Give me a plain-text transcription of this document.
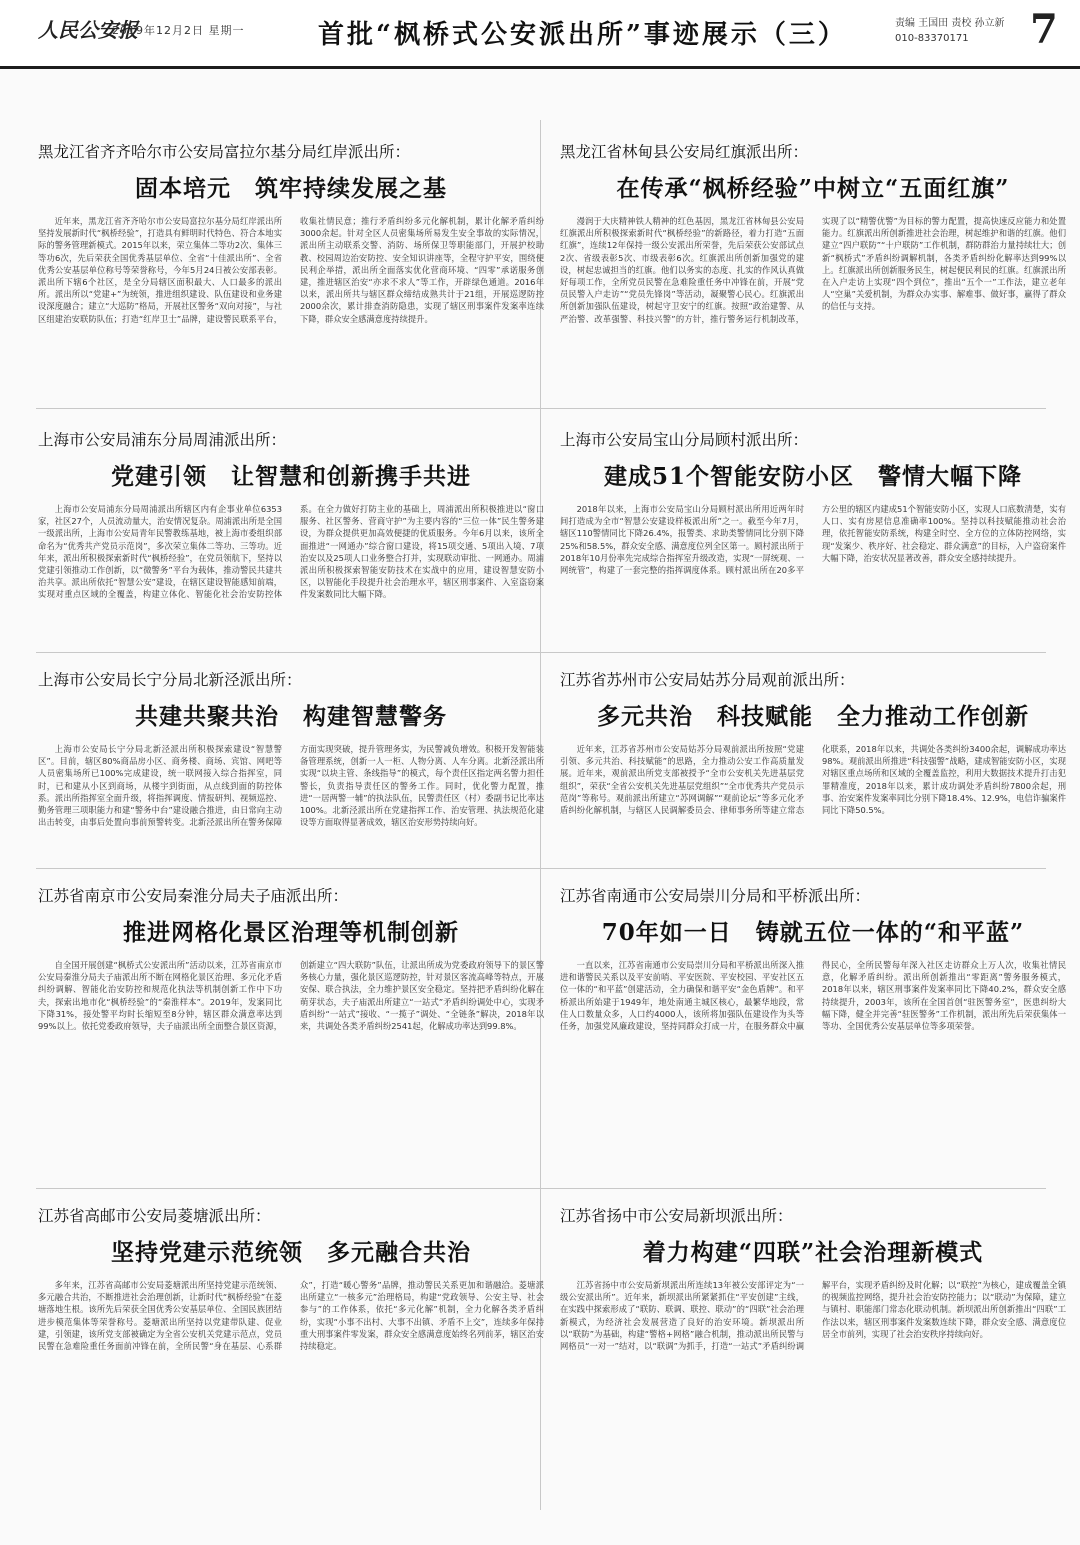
人民公安报
2019年12月2日 星期一	首批“枫桥式公安派出所”事迹展示（三）	责编 王国田 责校 孙立新
010-83370171	7
黑龙江省齐齐哈尔市公安局富拉尔基分局红岸派出所：
固本培元　筑牢持续发展之基
近年来，黑龙江省齐齐哈尔市公安局富拉尔基分局红岸派出所坚持发展新时代“枫桥经验”，打造具有鲜明时代特色、符合本地实际的警务管理新模式。2015年以来，荣立集体二等功2次、集体三等功6次，先后荣获全国优秀基层单位、全省“十佳派出所”、全省优秀公安基层单位称号等荣誉称号，今年5月24日被公安部表彰。派出所下辖6个社区，是全分局辖区面积最大、人口最多的派出所。派出所以“党建+”为统领，推进组织建设、队伍建设和业务建设深度融合；建立“大巡防”格局，开展社区警务“双向对接”，与社区组建治安联防队伍；打造“红岸卫士”品牌，建设警民联系平台，收集社情民意；推行矛盾纠纷多元化解机制，累计化解矛盾纠纷3000余起。针对全区人员密集场所易发生安全事故的实际情况，派出所主动联系交警、消防、场所保卫等职能部门，开展护校助教、校园周边治安防控、安全知识讲座等，全程守护平安，围绕便民利企举措，派出所全面落实优化营商环境、“四零”承诺服务创建，推进辖区治安“亦求不求人”等工作，开辟绿色通道。2016年以来，派出所共与辖区群众缔结成熟共计于21组，开展巡逻防控2000余次，累计排查消防隐患，实现了辖区刑事案件发案率连续下降，群众安全感满意度持续提升。
黑龙江省林甸县公安局红旗派出所：
在传承“枫桥经验”中树立“五面红旗”
漫润于大庆精神铁人精神的红色基因，黑龙江省林甸县公安局红旗派出所积极探索新时代“枫桥经验”的新路径，着力打造“五面红旗”，连续12年保持一级公安派出所荣誉，先后荣获公安部试点2次、省级表彰5次、市级表彰6次。红旗派出所创新加强党的建设，树起忠诚担当的红旗。他们以务实的态度、扎实的作风认真做好每项工作，全所党员民警在急难险重任务中冲锋在前，开展“党员民警入户走访”“党员先锋岗”等活动，凝聚警心民心。红旗派出所创新加强队伍建设，树起守卫安宁的红旗。按照“政治建警、从严治警、改革强警、科技兴警”的方针，推行警务运行机制改革，实现了以“精警优警”为目标的警力配置，提高快速反应能力和处置能力。红旗派出所创新推进社会治理，树起维护和谐的红旗。他们建立“四户联防”“十户联防”工作机制，群防群治力量持续壮大；创新“枫桥式”矛盾纠纷调解机制，各类矛盾纠纷化解率达到99%以上。红旗派出所创新服务民生，树起便民利民的红旗。红旗派出所在入户走访上实现“四个到位”，推出“五个一”工作法，建立老年人“空巢”关爱机制，为群众办实事、解难事、做好事，赢得了群众的信任与支持。
上海市公安局浦东分局周浦派出所：
党建引领　让智慧和创新携手共进
上海市公安局浦东分局周浦派出所辖区内有企事业单位6353家，社区27个，人员流动量大，治安情况复杂。周浦派出所是全国一级派出所，上海市公安局青年民警教练基地，被上海市委组织部命名为“优秀共产党员示范岗”，多次荣立集体二等功、三等功。近年来，派出所积极探索新时代“枫桥经验”，在党员领航下，坚持以党建引领推动工作创新，以“微警务”平台为载体，推动警民共建共治共享。派出所依托“智慧公安”建设，在辖区建设智能感知前端，实现对重点区域的全覆盖，构建立体化、智能化社会治安防控体系。在全力做好打防主业的基础上，周浦派出所积极推进以“窗口服务、社区警务、营商守护”为主要内容的“三位一体”民生警务建设，为群众提供更加高效便捷的优质服务。今年6月以来，该所全面推进“一网通办”综合窗口建设，将15项交通、5项出入境、7项治安以及25项人口业务整合打并，实现联动审批、一网通办。周浦派出所积极探索智能安防技术在实战中的应用，建设智慧安防小区，以智能化手段提升社会治理水平，辖区刑事案件、入室盗窃案件发案数同比大幅下降。
上海市公安局宝山分局顾村派出所：
建成51个智能安防小区　警情大幅下降
2018年以来，上海市公安局宝山分局顾村派出所用近两年时间打造成为全市“智慧公安建设样板派出所”之一。截至今年7月，辖区110警情同比下降26.4%，报警类、求助类警情同比分别下降25%和58.5%，群众安全感、满意度位列全区第一。顾村派出所于2018年10月份率先完成综合指挥室升级改造，实现“一屏统观、一网统管”，构建了一套完整的指挥调度体系。顾村派出所在20多平方公里的辖区内建成51个智能安防小区，实现人口底数清楚，实有人口、实有房屋信息准确率100%。坚持以科技赋能推动社会治理，依托智能安防系统，构建全时空、全方位的立体防控网络，实现“发案少、秩序好、社会稳定、群众满意”的目标，入户盗窃案件大幅下降，治安状况显著改善，群众安全感持续提升。
上海市公安局长宁分局北新泾派出所：
共建共聚共治　构建智慧警务
上海市公安局长宁分局北新泾派出所积极探索建设“智慧警区”。目前，辖区80%商品房小区、商务楼、商场、宾馆、网吧等人员密集场所已100%完成建设，统一联网接入综合指挥室，同时，已和建从小区到商场，从楼宇到街面，从点线到面的防控体系。派出所指挥室全面升级，将指挥调度、情报研判、视频巡控、勤务管理三项职能力和建“警务中台”建设融合推进，由日常向主动出击转变，由事后处置向事前预警转变。北新泾派出所在警务保障方面实现突破，提升管理务实，为民警减负增效。积极开发智能装备管理系统，创新一人一柜、人物分离、人车分离。北新泾派出所实现“以块主管、条线指导”的模式，每个责任区指定两名警力担任警长，负责指导责任区的警务工作。同时，优化警力配置，推进“一居两警一辅”的执法队伍，民警责任区（村）委副书记比率达100%。北新泾派出所在党建指挥工作、治安管理、执法规范化建设等方面取得显著成效，辖区治安形势持续向好。
江苏省苏州市公安局姑苏分局观前派出所：
多元共治　科技赋能　全力推动工作创新
近年来，江苏省苏州市公安局姑苏分局观前派出所按照“党建引领、多元共治、科技赋能”的思路，全力推动公安工作高质量发展。近年来，观前派出所党支部被授予“全市公安机关先进基层党组织”，荣获“全省公安机关先进基层党组织”“全市优秀共产党员示范岗”等称号。观前派出所建立“苏网调解”“观前论坛”等多元化矛盾纠纷化解机制，与辖区人民调解委员会、律师事务所等建立常态化联系，2018年以来，共调处各类纠纷3400余起，调解成功率达98%。观前派出所推进“科技强警”战略，建成智能安防小区，实现对辖区重点场所和区域的全覆盖监控，利用大数据技术提升打击犯罪精准度，2018年以来，累计成功调处矛盾纠纷7800余起，刑事、治安案件发案率同比分别下降18.4%、12.9%，电信诈骗案件同比下降50.5%。
江苏省南京市公安局秦淮分局夫子庙派出所：
推进网格化景区治理等机制创新
自全国开展创建“枫桥式公安派出所”活动以来，江苏省南京市公安局秦淮分局夫子庙派出所不断在网格化景区治理、多元化矛盾纠纷调解、智能化治安防控和规范化执法等机制创新工作中下功夫，探索出地市化“枫桥经验”的“秦淮样本”。2019年，发案同比下降31%，接处警平均时长缩短至8分钟，辖区群众满意率达到99%以上。依托党委政府领导，夫子庙派出所全面整合景区资源，创新建立“四大联防”队伍，让派出所成为党委政府领导下的景区警务核心力量，强化景区巡逻防控，针对景区客流高峰等特点，开展安保、联合执法，全力维护景区安全稳定。坚持把矛盾纠纷化解在萌芽状态，夫子庙派出所建立“一站式”矛盾纠纷调处中心，实现矛盾纠纷“一站式”接收、“一揽子”调处、“全链条”解决，2018年以来，共调处各类矛盾纠纷2541起，化解成功率达到99.8%。
江苏省南通市公安局崇川分局和平桥派出所：
70年如一日　铸就五位一体的“和平蓝”
一直以来，江苏省南通市公安局崇川分局和平桥派出所深入推进和谐警民关系以及平安前哨、平安医院、平安校园、平安社区五位一体的“和平蓝”创建活动，全力确保和谐平安“金色盾牌”。和平桥派出所始建于1949年，地处南通主城区核心，最繁华地段，常住人口数量众多，人口约4000人，该所将加强队伍建设作为头等任务，加强党风廉政建设，坚持同群众打成一片，在服务群众中赢得民心，全所民警每年深入社区走访群众上万人次，收集社情民意，化解矛盾纠纷。派出所创新推出“零距离”警务服务模式，2018年以来，辖区刑事案件发案率同比下降40.2%，群众安全感持续提升，2003年，该所在全国首创“驻医警务室”，医患纠纷大幅下降，健全并完善“驻医警务”工作机制，派出所先后荣获集体一等功、全国优秀公安基层单位等多项荣誉。
江苏省高邮市公安局菱塘派出所：
坚持党建示范统领　多元融合共治
多年来，江苏省高邮市公安局菱塘派出所坚持党建示范统领、多元融合共治，不断推进社会治理创新，让新时代“枫桥经验”在菱塘落地生根。该所先后荣获全国优秀公安基层单位、全国民族团结进步模范集体等荣誉称号。菱塘派出所坚持以党建带队建、促业建，引领建，该所党支部被确定为全省公安机关党建示范点，党员民警在急难险重任务面前冲锋在前，全所民警“身在基层、心系群众”，打造“暖心警务”品牌，推动警民关系更加和谐融洽。菱塘派出所建立“一核多元”治理格局，构建“党政领导、公安主导、社会参与”的工作体系，依托“多元化解”机制，全力化解各类矛盾纠纷，实现“小事不出村、大事不出镇、矛盾不上交”，连续多年保持重大刑事案件零发案，群众安全感满意度始终名列前茅，辖区治安持续稳定。
江苏省扬中市公安局新坝派出所：
着力构建“四联”社会治理新模式
江苏省扬中市公安局新坝派出所连续13年被公安部评定为“一级公安派出所”。近年来，新坝派出所紧紧抓住“平安创建”主线，在实践中探索形成了“联防、联调、联控、联动”的“四联”社会治理新模式，为经济社会发展营造了良好的治安环境。新坝派出所以“联防”为基础，构建“警格+网格”融合机制，推动派出所民警与网格员“一对一”结对，以“联调”为抓手，打造“一站式”矛盾纠纷调解平台，实现矛盾纠纷及时化解；以“联控”为核心，建成覆盖全镇的视频监控网络，提升社会治安防控能力；以“联动”为保障，建立与镇村、职能部门常态化联动机制。新坝派出所创新推出“四联”工作法以来，辖区刑事案件发案数连续下降，群众安全感、满意度位居全市前列，实现了社会治安秩序持续向好。
